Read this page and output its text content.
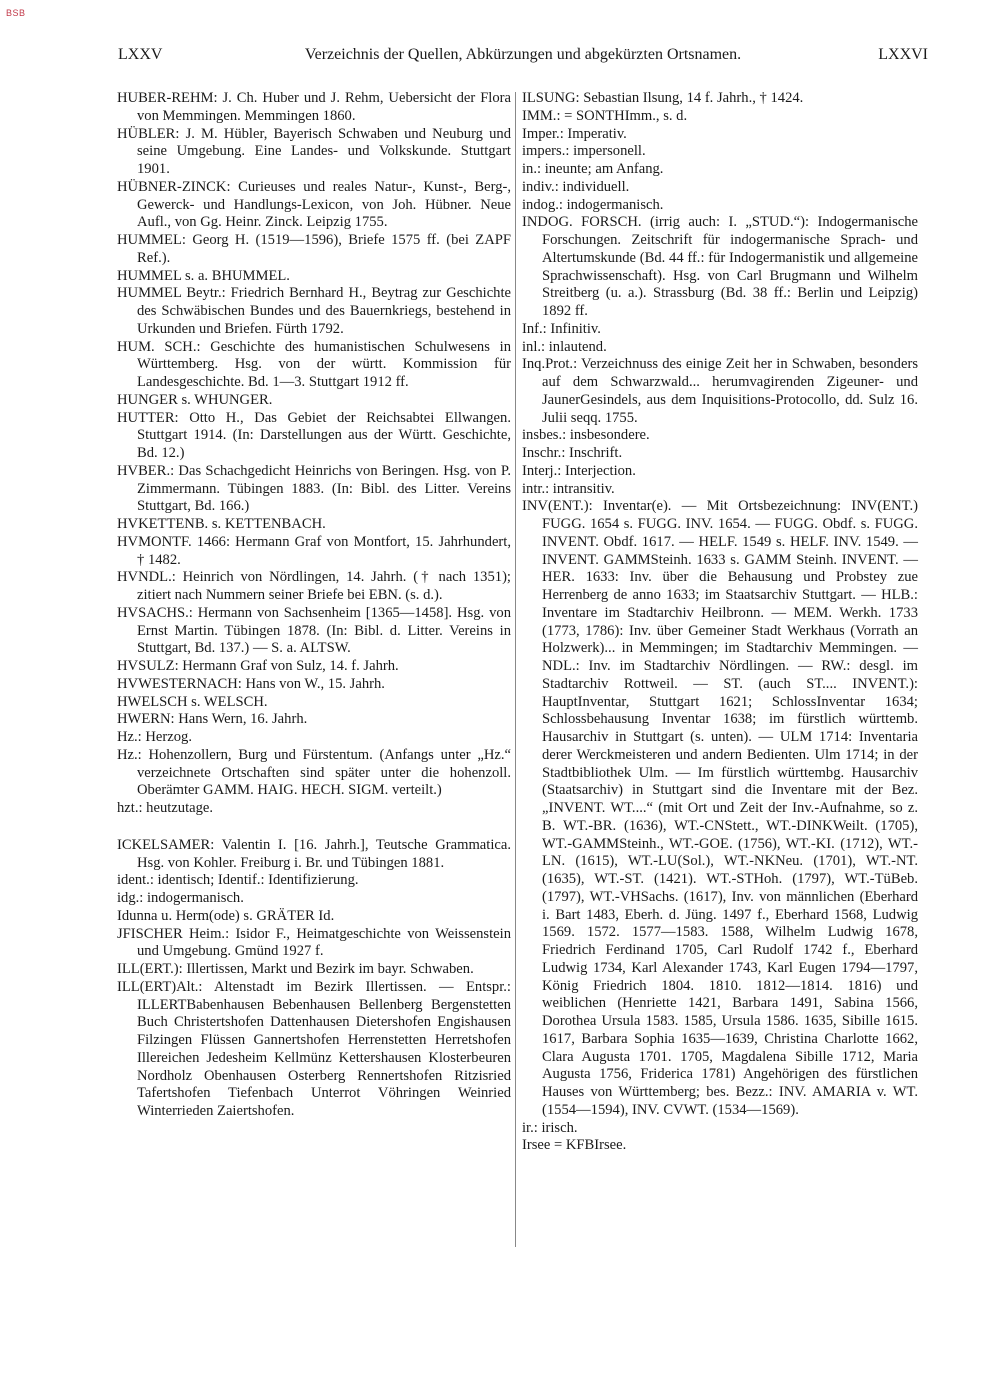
BSB
LXXV	Verzeichnis der Quellen, Abkürzungen und abgekürzten Ortsnamen.	LXXVI

HUBER-REHM: J. Ch. Huber und J. Rehm, Uebersicht der Flora von Memmingen. Memmingen 1860.

HÜBLER: J. M. Hübler, Bayerisch Schwaben und Neuburg und seine Umgebung. Eine Landes- und Volkskunde. Stuttgart 1901.

HÜBNER-ZINCK: Curieuses und reales Natur-, Kunst-, Berg-, Gewerck- und Handlungs-Lexicon, von Joh. Hübner. Neue Aufl., von Gg. Heinr. Zinck. Leipzig 1755.

HUMMEL: Georg H. (1519—1596), Briefe 1575 ff. (bei ZAPF Ref.).

HUMMEL s. a. BHUMMEL.

HUMMEL Beytr.: Friedrich Bernhard H., Beytrag zur Geschichte des Schwäbischen Bundes und des Bauernkriegs, bestehend in Urkunden und Briefen. Fürth 1792.

HUM. SCH.: Geschichte des humanistischen Schulwesens in Württemberg. Hsg. von der württ. Kommission für Landesgeschichte. Bd. 1—3. Stuttgart 1912 ff.

HUNGER s. WHUNGER.

HUTTER: Otto H., Das Gebiet der Reichsabtei Ellwangen. Stuttgart 1914. (In: Darstellungen aus der Württ. Geschichte, Bd. 12.)

HVBER.: Das Schachgedicht Heinrichs von Beringen. Hsg. von P. Zimmermann. Tübingen 1883. (In: Bibl. des Litter. Vereins Stuttgart, Bd. 166.)

HVKETTENB. s. KETTENBACH.

HVMONTF. 1466: Hermann Graf von Montfort, 15. Jahrhundert, † 1482.

HVNDL.: Heinrich von Nördlingen, 14. Jahrh. († nach 1351); zitiert nach Nummern seiner Briefe bei EBN. (s. d.).

HVSACHS.: Hermann von Sachsenheim [1365—1458]. Hsg. von Ernst Martin. Tübingen 1878. (In: Bibl. d. Litter. Vereins in Stuttgart, Bd. 137.) — S. a. ALTSW.

HVSULZ: Hermann Graf von Sulz, 14. f. Jahrh.

HVWESTERNACH: Hans von W., 15. Jahrh.

HWELSCH s. WELSCH.

HWERN: Hans Wern, 16. Jahrh.

Hz.: Herzog.

Hz.: Hohenzollern, Burg und Fürstentum. (Anfangs unter „Hz.“ verzeichnete Ortschaften sind später unter die hohenzoll. Oberämter GAMM. HAIG. HECH. SIGM. verteilt.)

hzt.: heutzutage.

ICKELSAMER: Valentin I. [16. Jahrh.], Teutsche Grammatica. Hsg. von Kohler. Freiburg i. Br. und Tübingen 1881.

ident.: identisch; Identif.: Identifizierung.

idg.: indogermanisch.

Idunna u. Herm(ode) s. GRÄTER Id.

JFISCHER Heim.: Isidor F., Heimatgeschichte von Weissenstein und Umgebung. Gmünd 1927 f.

ILL(ERT.): Illertissen, Markt und Bezirk im bayr. Schwaben.

ILL(ERT)Alt.: Altenstadt im Bezirk Illertissen. — Entspr.: ILLERTBabenhausen Bebenhausen Bellenberg Bergenstetten Buch Christertshofen Dattenhausen Dietershofen Engishausen Filzingen Flüssen Gannertshofen Herrenstetten Herretshofen Illereichen Jedesheim Kellmünz Kettershausen Klosterbeuren Nordholz Obenhausen Osterberg Rennertshofen Ritzisried Tafertshofen Tiefenbach Unterrot Vöhringen Weinried Winterrieden Zaiertshofen.

ILSUNG: Sebastian Ilsung, 14 f. Jahrh., † 1424.

IMM.: = SONTHImm., s. d.

Imper.: Imperativ.

impers.: impersonell.

in.: ineunte; am Anfang.

indiv.: individuell.

indog.: indogermanisch.

INDOG. FORSCH. (irrig auch: I. „STUD.“): Indogermanische Forschungen. Zeitschrift für indogermanische Sprach- und Altertumskunde (Bd. 44 ff.: für Indogermanistik und allgemeine Sprachwissenschaft). Hsg. von Carl Brugmann und Wilhelm Streitberg (u. a.). Strassburg (Bd. 38 ff.: Berlin und Leipzig) 1892 ff.

Inf.: Infinitiv.

inl.: inlautend.

Inq.Prot.: Verzeichnuss des einige Zeit her in Schwaben, besonders auf dem Schwarzwald... herumvagirenden Zigeuner- und JaunerGesindels, aus dem Inquisitions-Protocollo, dd. Sulz 16. Julii seqq. 1755.

insbes.: insbesondere.

Inschr.: Inschrift.

Interj.: Interjection.

intr.: intransitiv.

INV(ENT.): Inventar(e). — Mit Ortsbezeichnung: INV(ENT.) FUGG. 1654 s. FUGG. INV. 1654. — FUGG. Obdf. s. FUGG. INVENT. Obdf. 1617. — HELF. 1549 s. HELF. INV. 1549. — INVENT. GAMMSteinh. 1633 s. GAMM Steinh. INVENT. — HER. 1633: Inv. über die Behausung und Probstey zue Herrenberg de anno 1633; im Staatsarchiv Stuttgart. — HLB.: Inventare im Stadtarchiv Heilbronn. — MEM. Werkh. 1733 (1773, 1786): Inv. über Gemeiner Stadt Werkhaus (Vorrath an Holzwerk)... in Memmingen; im Stadtarchiv Memmingen. — NDL.: Inv. im Stadtarchiv Nördlingen. — RW.: desgl. im Stadtarchiv Rottweil. — ST. (auch ST.... INVENT.): HauptInventar, Stuttgart 1621; SchlossInventar 1634; Schlossbehausung Inventar 1638; im fürstlich württemb. Hausarchiv in Stuttgart (s. unten). — ULM 1714: Inventaria derer Werckmeisteren und andern Bedienten. Ulm 1714; in der Stadtbibliothek Ulm. — Im fürstlich württembg. Hausarchiv (Staatsarchiv) in Stuttgart sind die Inventare mit der Bez. „INVENT. WT....“ (mit Ort und Zeit der Inv.-Aufnahme, so z. B. WT.-BR. (1636), WT.-CNStett., WT.-DINKWeilt. (1705), WT.-GAMMSteinh., WT.-GOE. (1756), WT.-KI. (1712), WT.-LN. (1615), WT.-LU(Sol.), WT.-NKNeu. (1701), WT.-NT. (1635), WT.-ST. (1421). WT.-STHoh. (1797), WT.-TüBeb. (1797), WT.-VHSachs. (1617), Inv. von männlichen (Eberhard i. Bart 1483, Eberh. d. Jüng. 1497 f., Eberhard 1568, Ludwig 1569. 1572. 1577—1583. 1588, Wilhelm Ludwig 1678, Friedrich Ferdinand 1705, Carl Rudolf 1742 f., Eberhard Ludwig 1734, Karl Alexander 1743, Karl Eugen 1794—1797, König Friedrich 1804. 1810. 1812—1814. 1816) und weiblichen (Henriette 1421, Barbara 1491, Sabina 1566, Dorothea Ursula 1583. 1585, Ursula 1586. 1635, Sibille 1615. 1617, Barbara Sophia 1635—1639, Christina Charlotte 1662, Clara Augusta 1701. 1705, Magdalena Sibille 1712, Maria Augusta 1756, Friderica 1781) Angehörigen des fürstlichen Hauses von Württemberg; bes. Bezz.: INV. AMARIA v. WT. (1554—1594), INV. CVWT. (1534—1569).

ir.: irisch.

Irsee = KFBIrsee.
